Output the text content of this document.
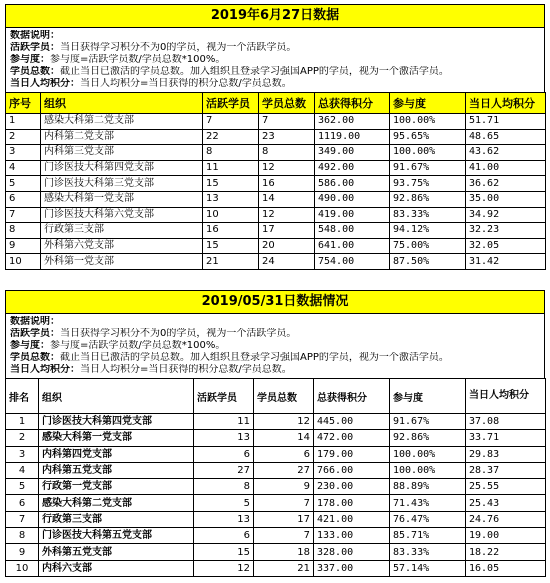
2019年6月27日数据
数据说明：
活跃学员：当日获得学习积分不为0的学员，视为一个活跃学员。
参与度：参与度=活跃学员数/学员总数*100%。
学员总数：截止当日已激活的学员总数。加入组织且登录学习强国APP的学员，视为一个激活学员。
当日人均积分：当日人均积分=当日获得的积分总数/学员总数。
序号	组织	活跃学员	学员总数	总获得积分	参与度	当日人均积分
1	感染大科第二党支部	7	7	362.00	100.00%	51.71
2	内科第二党支部	22	23	1119.00	95.65%	48.65
3	内科第三党支部	8	8	349.00	100.00%	43.62
4	门诊医技大科第四党支部	11	12	492.00	91.67%	41.00
5	门诊医技大科第三党支部	15	16	586.00	93.75%	36.62
6	感染大科第一党支部	13	14	490.00	92.86%	35.00
7	门诊医技大科第六党支部	10	12	419.00	83.33%	34.92
8	行政第三支部	16	17	548.00	94.12%	32.23
9	外科第六党支部	15	20	641.00	75.00%	32.05
10	外科第一党支部	21	24	754.00	87.50%	31.42
2019/05/31日数据情况
数据说明：
活跃学员：当日获得学习积分不为0的学员，视为一个活跃学员。
参与度：参与度=活跃学员数/学员总数*100%。
学员总数：截止当日已激活的学员总数。加入组织且登录学习强国APP的学员，视为一个激活学员。
当日人均积分：当日人均积分=当日获得的积分总数/学员总数。
排名	组织	活跃学员	学员总数	总获得积分	参与度	当日人均积分
1	门诊医技大科第四党支部	11	12	445.00	91.67%	37.08
2	感染大科第一党支部	13	14	472.00	92.86%	33.71
3	内科第四党支部	6	6	179.00	100.00%	29.83
4	内科第五党支部	27	27	766.00	100.00%	28.37
5	行政第一党支部	8	9	230.00	88.89%	25.55
6	感染大科第二党支部	5	7	178.00	71.43%	25.43
7	行政第三支部	13	17	421.00	76.47%	24.76
8	门诊医技大科第五党支部	6	7	133.00	85.71%	19.00
9	外科第五党支部	15	18	328.00	83.33%	18.22
10	内科六支部	12	21	337.00	57.14%	16.05
